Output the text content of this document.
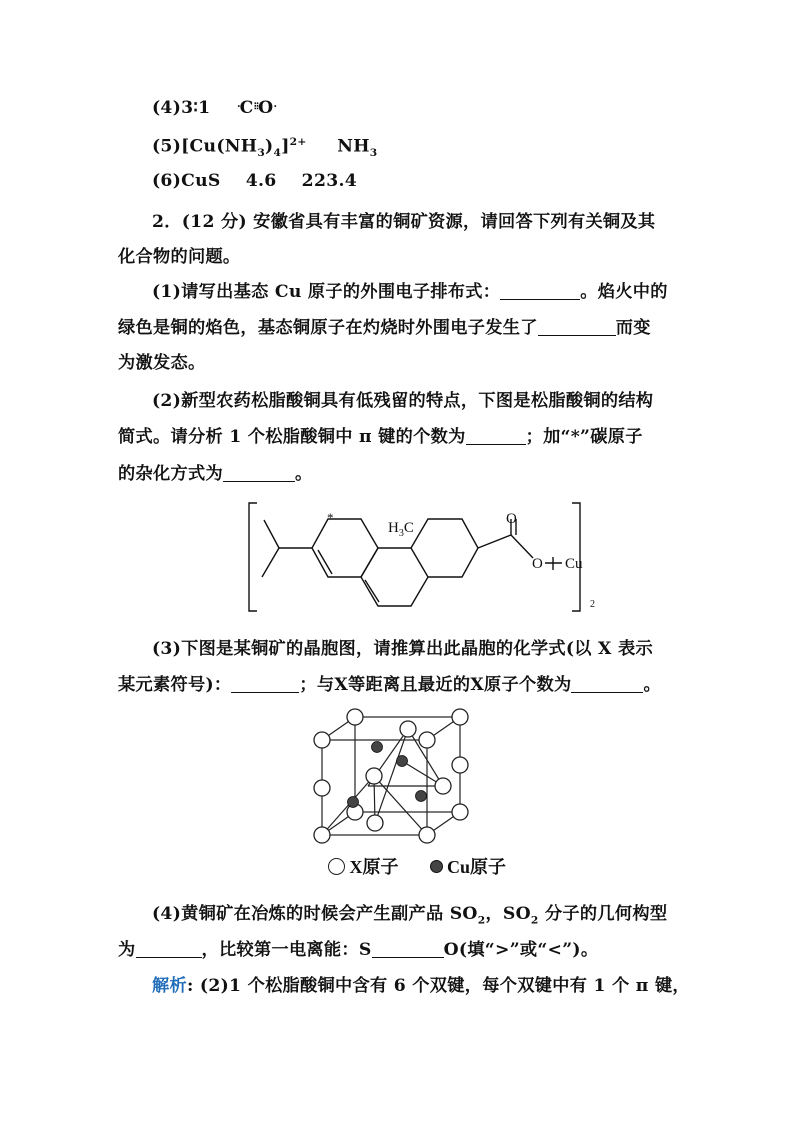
(4)3∶1	·C⁝⁝O·
$(5)[Cu(NH_3)_4]^{2+}$ $NH_3$
(6)CuS    4.6    223.4
2．(12 分) 安徽省具有丰富的铜矿资源，请回答下列有关铜及其
化合物的问题。
(1)请写出基态 Cu 原子的外围电子排布式：	。焰火中的
绿色是铜的焰色，基态铜原子在灼烧时外围电子发生了	而变
为激发态。
(2)新型农药松脂酸铜具有低残留的特点，下图是松脂酸铜的结构
简式。请分析 1 个松脂酸铜中 π 键的个数为	；加“*”碳原子
的杂化方式为	。
*
$H_3C$
O
O Cu
2
(3)下图是某铜矿的晶胞图，请推算出此晶胞的化学式(以 X 表示
某元素符号)：	；与X等距离且最近的X原子个数为	。
X原子	Cu原子
(4)黄铜矿在冶炼的时候会产生副产品 $SO_2$，$SO_2$ 分子的几何构型
为	，比较第一电离能：S	O(填“>”或“<”)。
解析: (2)1 个松脂酸铜中含有 6 个双键，每个双键中有 1 个 π 键，
